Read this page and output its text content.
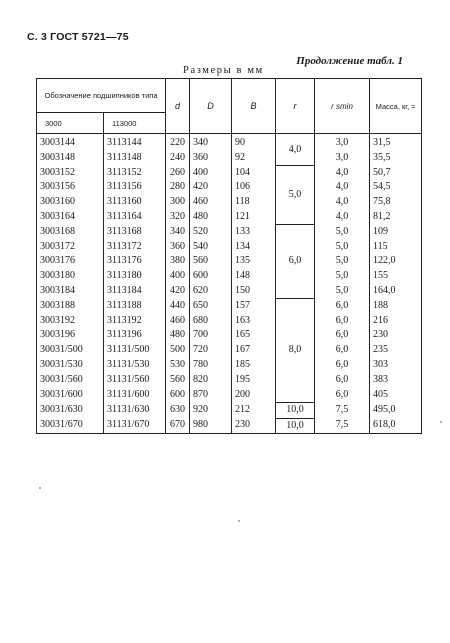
С. 3 ГОСТ 5721—75
Продолжение табл. 1
Размеры в мм
Обозначение подшипников типа		d	D	B	r	r smin	Масса, кг, ≈
3000	113000						
3003144	3113144	220	340	90	4,0	3,0	31,5
3003148	3113148	240	360	92		3,0	35,5
3003152	3113152	260	400	104	5,0	4,0	50,7
3003156	3113156	280	420	106		4,0	54,5
3003160	3113160	300	460	118		4,0	75,8
3003164	3113164	320	480	121		4,0	81,2
3003168	3113168	340	520	133	6,0	5,0	109
3003172	3113172	360	540	134		5,0	115
3003176	3113176	380	560	135		5,0	122,0
3003180	3113180	400	600	148		5,0	155
3003184	3113184	420	620	150		5,0	164,0
3003188	3113188	440	650	157	8,0	6,0	188
3003192	3113192	460	680	163		6,0	216
3003196	3113196	480	700	165		6,0	230
30031/500	31131/500	500	720	167		6,0	235
30031/530	31131/530	530	780	185		6,0	303
30031/560	31131/560	560	820	195		6,0	383
30031/600	31131/600	600	870	200		6,0	405
30031/630	31131/630	630	920	212	10,0	7,5	495,0
30031/670	31131/670	670	980	230	10,0	7,5	618,0
